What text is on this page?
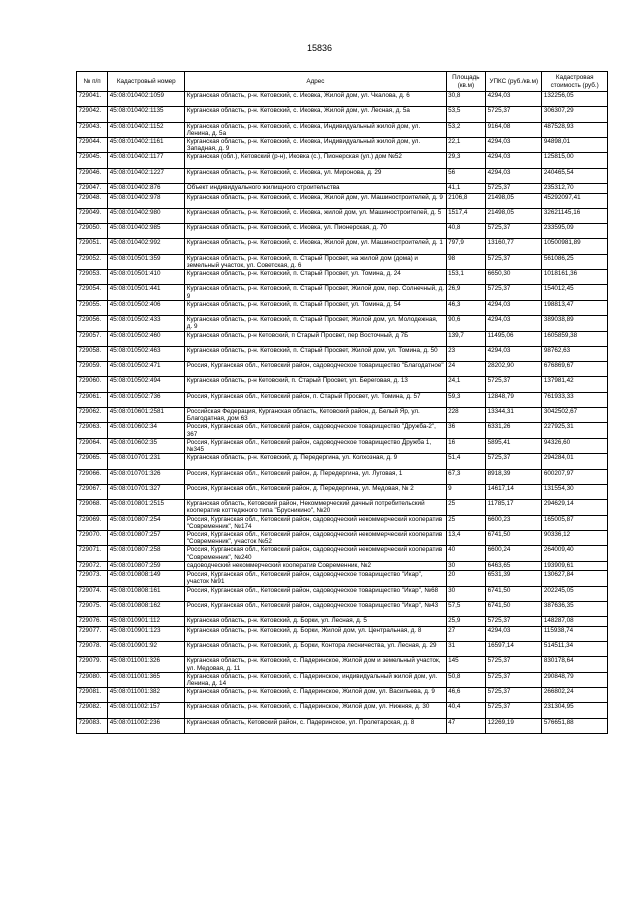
15836
№ п/п	Кадастровый номер	Адрес	Площадь (кв.м)	УПКС (руб./кв.м)	Кадастровая стоимость (руб.)
729041.	45:08:010402:1059	Курганская область, р-н. Кетовский, с. Иковка, Жилой дом, ул. Чкалова, д. 6	30,8	4294,03	132256,05
729042.	45:08:010402:1135	Курганская область, р-н. Кетовский, с. Иковка, Жилой дом, ул. Лесная, д. 5а	53,5	5725,37	306307,29
729043.	45:08:010402:1152	Курганская область, р-н. Кетовский, с. Иковка, Индивидуальный жилой дом, ул. Ленина, д. 5а	53,2	9164,08	487528,93
729044.	45:08:010402:1161	Курганская область, р-н. Кетовский, с. Иковка, Индивидуальный жилой дом, ул. Западная, д. 9	22,1	4294,03	94898,01
729045.	45:08:010402:1177	Курганская (обл.), Кетовский (р-н), Иковка (с.), Пионерская (ул.) дом №52	29,3	4294,03	125815,00
729046.	45:08:010402:1227	Курганская область, р-н. Кетовский, с. Иковка, ул. Миронова, д. 29	56	4294,03	240465,54
729047.	45:08:010402:876	Объект индивидуального жилищного строительства	41,1	5725,37	235312,70
729048.	45:08:010402:978	Курганская область, р-н. Кетовский, с. Иковка, Жилой дом, ул. Машиностроителей, д. 9	2106,8	21498,05	45292097,41
729049.	45:08:010402:980	Курганская область, р-н. Кетовский, с. Иковка, жилой дом, ул. Машиностроителей, д. 5	1517,4	21498,05	32621145,16
729050.	45:08:010402:985	Курганская область, р-н. Кетовский, с. Иковка, ул. Пионерская, д. 70	40,8	5725,37	233595,09
729051.	45:08:010402:992	Курганская область, р-н. Кетовский, с. Иковка, Жилой дом, ул. Машиностроителей, д. 1	797,9	13160,77	10500981,89
729052.	45:08:010501:359	Курганская область, р-н. Кетовский, п. Старый Просвет, на жилой дом (дома) и земельный участок, ул. Советская, д. 6	98	5725,37	561086,25
729053.	45:08:010501:410	Курганская область, р-н. Кетовский, п. Старый Просвет, ул. Томина, д. 24	153,1	6650,30	1018161,36
729054.	45:08:010501:441	Курганская область, р-н. Кетовский, п. Старый Просвет, Жилой дом, пер. Солнечный, д. 9	26,9	5725,37	154012,45
729055.	45:08:010502:406	Курганская область, р-н. Кетовский, п. Старый Просвет, ул. Томина, д. 54	46,3	4294,03	198813,47
729056.	45:08:010502:433	Курганская область, р-н. Кетовский, п. Старый Просвет, Жилой дом, ул. Молодежная, д. 9	90,6	4294,03	389038,89
729057.	45:08:010502:460	Курганская область, р-н Кетовский, п Старый Просвет, пер Восточный, д 7Б	139,7	11495,06	1605859,38
729058.	45:08:010502:463	Курганская область, р-н. Кетовский, п. Старый Просвет, Жилой дом, ул. Томина, д. 50	23	4294,03	98762,63
729059.	45:08:010502:471	Россия, Курганская обл., Кетовский район, садоводческое товарищество "Благодатное"	24	28202,90	676869,67
729060.	45:08:010502:494	Курганская область, р-н Кетовский, п. Старый Просвет, ул. Береговая, д. 13	24,1	5725,37	137981,42
729061.	45:08:010502:736	Россия, Курганская обл., Кетовский район, п. Старый Просвет, ул. Томина, д. 57	59,3	12848,79	761933,33
729062.	45:08:010601:2581	Российская Федерация, Курганская область, Кетовский район, д. Белый Яр, ул. Благодатная, дом 63	228	13344,31	3042502,67
729063.	45:08:010602:34	Россия, Курганская обл., Кетовский район, садоводческое товарищество "Дружба-2", 367	36	6331,26	227925,31
729064.	45:08:010602:35	Россия, Курганская обл., Кетовский район, садоводческое товарищество Дружба 1, №345	16	5895,41	94326,60
729065.	45:08:010701:231	Курганская область, р-н. Кетовский, д. Передергина, ул. Колхозная, д. 9	51,4	5725,37	294284,01
729066.	45:08:010701:326	Россия, Курганская обл., Кетовский район, д. Передергина, ул. Луговая, 1	67,3	8918,39	600207,97
729067.	45:08:010701:327	Россия, Курганская обл., Кетовский район, д. Передергина, ул. Медовая, № 2	9	14617,14	131554,30
729068.	45:08:010801:2515	Курганская область, Кетовский район, Некоммерческий дачный потребительский кооператив коттеджного типа "Брусникино", №20	25	11785,17	294629,14
729069.	45:08:010807:254	Россия, Курганская обл., Кетовский район, садоводческий некоммерческий кооператив "Современник", №174	25	6600,23	165005,87
729070.	45:08:010807:257	Россия, Курганская обл., Кетовский район, садоводческий некоммерческий кооператив "Современник", участок №52	13,4	6741,50	90336,12
729071.	45:08:010807:258	Россия, Курганская обл., Кетовский район, садоводческий некоммерческий кооператив "Современник", №240	40	6600,24	264009,40
729072.	45:08:010807:259	садоводческий некоммерческий кооператив Современник, №2	30	6463,65	193909,61
729073.	45:08:010808:149	Россия, Курганская обл., Кетовский район, садоводческое товарищество "Икар", участок №91	20	6531,39	130627,84
729074.	45:08:010808:161	Россия, Курганская обл., Кетовский район, садоводческое товарищество "Икар", №68	30	6741,50	202245,05
729075.	45:08:010808:162	Россия, Курганская обл., Кетовский район, садоводческое товарищество "Икар", №43	57,5	6741,50	387636,35
729076.	45:08:010901:112	Курганская область, р-н. Кетовский, д. Борки, ул. Лесная, д. 5	25,9	5725,37	148287,08
729077.	45:08:010901:123	Курганская область, р-н. Кетовский, д. Борки, Жилой дом, ул. Центральная, д. 8	27	4294,03	115938,74
729078.	45:08:010901:92	Курганская область, р-н. Кетовский, д. Борки, Контора лесничества, ул. Лесная, д. 29	31	16597,14	514511,34
729079.	45:08:011001:326	Курганская область, р-н. Кетовский, с. Падеринское, Жилой дом и земельный участок, ул. Медовая, д. 11	145	5725,37	830178,64
729080.	45:08:011001:365	Курганская область, р-н. Кетовский, с. Падеринское, индивидуальный жилой дом, ул. Ленина, д. 14	50,8	5725,37	290848,79
729081.	45:08:011001:382	Курганская область, р-н. Кетовский, с. Падеринское, Жилой дом, ул. Васильева, д. 9	46,6	5725,37	266802,24
729082.	45:08:011002:157	Курганская область, р-н. Кетовский, с. Падеринское, Жилой дом, ул. Нижняя, д. 30	40,4	5725,37	231304,95
729083.	45:08:011002:236	Курганская область, Кетовский район, с. Падеринское, ул. Пролетарская, д. 8	47	12269,19	576651,88
